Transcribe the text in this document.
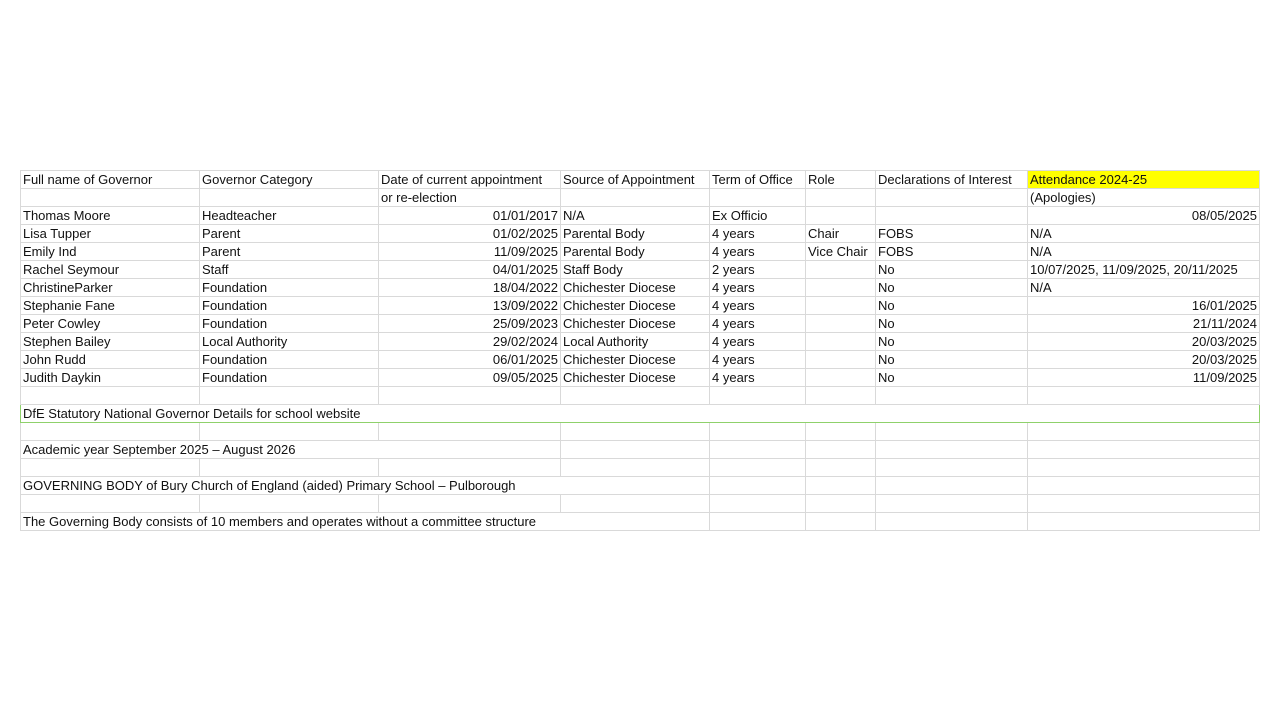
Full name of Governor	Governor Category	Date of current appointment	Source of Appointment	Term of Office	Role	Declarations of Interest	Attendance 2024-25
		or re-election					(Apologies)
Thomas Moore	Headteacher	01/01/2017	N/A	Ex Officio			08/05/2025
Lisa Tupper	Parent	01/02/2025	Parental Body	4 years	Chair	FOBS	N/A
Emily Ind	Parent	11/09/2025	Parental Body	4 years	Vice Chair	FOBS	N/A
Rachel Seymour	Staff	04/01/2025	Staff Body	2 years		No	10/07/2025, 11/09/2025, 20/11/2025
ChristineParker	Foundation	18/04/2022	Chichester Diocese	4 years		No	N/A
Stephanie Fane	Foundation	13/09/2022	Chichester Diocese	4 years		No	16/01/2025
Peter Cowley	Foundation	25/09/2023	Chichester Diocese	4 years		No	21/11/2024
Stephen Bailey	Local Authority	29/02/2024	Local Authority	4 years		No	20/03/2025
John Rudd	Foundation	06/01/2025	Chichester Diocese	4 years		No	20/03/2025
Judith Daykin	Foundation	09/05/2025	Chichester Diocese	4 years		No	11/09/2025

DfE Statutory National Governor Details for school website							

Academic year September 2025 – August 2026							

GOVERNING BODY of Bury Church of England (aided) Primary School – Pulborough							

The Governing Body consists of 10 members and operates without a committee structure							
